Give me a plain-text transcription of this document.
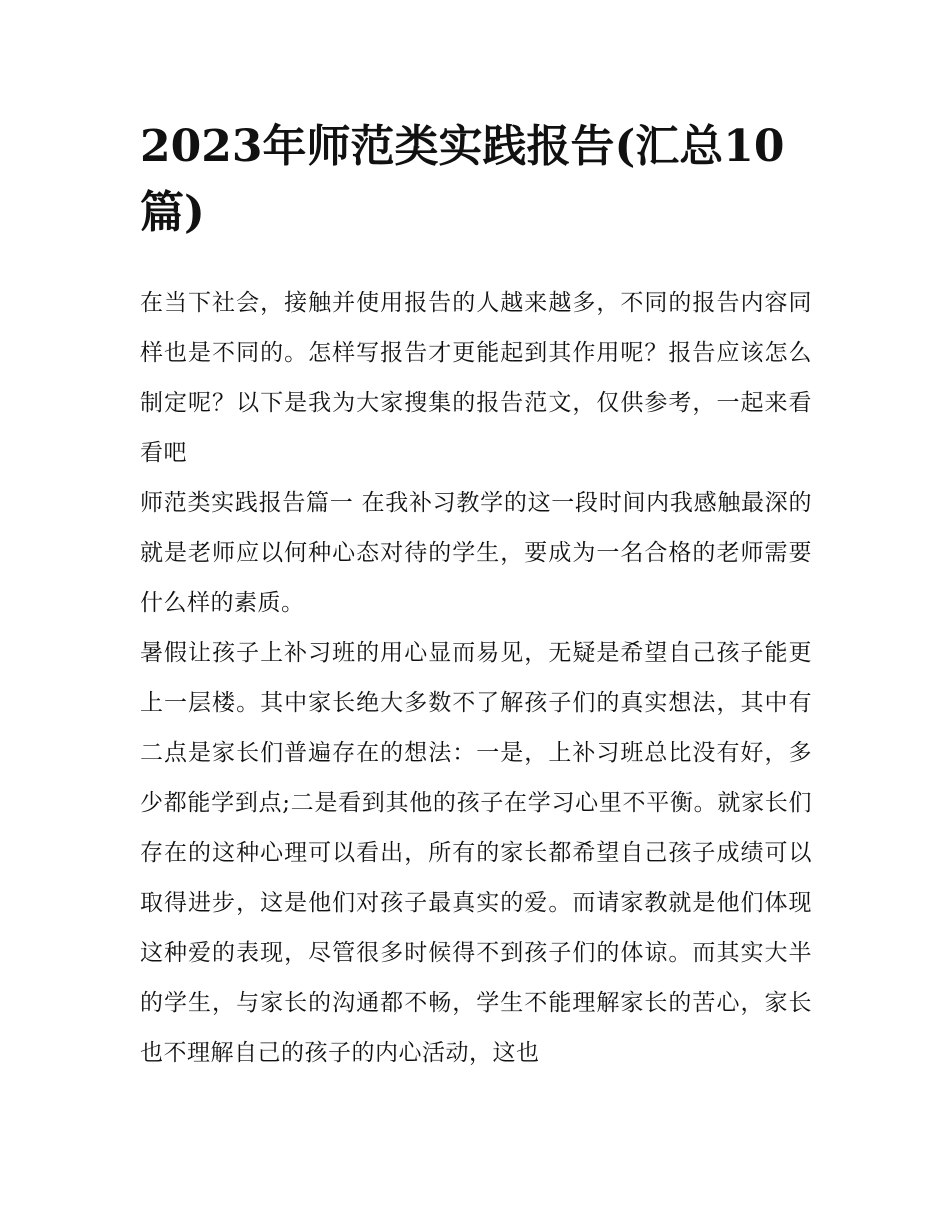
2023年师范类实践报告(汇总10篇)

在当下社会，接触并使用报告的人越来越多，不同的报告内容同样也是不同的。怎样写报告才更能起到其作用呢？报告应该怎么制定呢？以下是我为大家搜集的报告范文，仅供参考，一起来看看吧

师范类实践报告篇一 在我补习教学的这一段时间内我感触最深的就是老师应以何种心态对待的学生，要成为一名合格的老师需要什么样的素质。

暑假让孩子上补习班的用心显而易见，无疑是希望自己孩子能更上一层楼。其中家长绝大多数不了解孩子们的真实想法，其中有二点是家长们普遍存在的想法：一是，上补习班总比没有好，多少都能学到点;二是看到其他的孩子在学习心里不平衡。就家长们存在的这种心理可以看出，所有的家长都希望自己孩子成绩可以取得进步，这是他们对孩子最真实的爱。而请家教就是他们体现这种爱的表现，尽管很多时候得不到孩子们的体谅。而其实大半的学生，与家长的沟通都不畅，学生不能理解家长的苦心，家长也不理解自己的孩子的内心活动，这也
